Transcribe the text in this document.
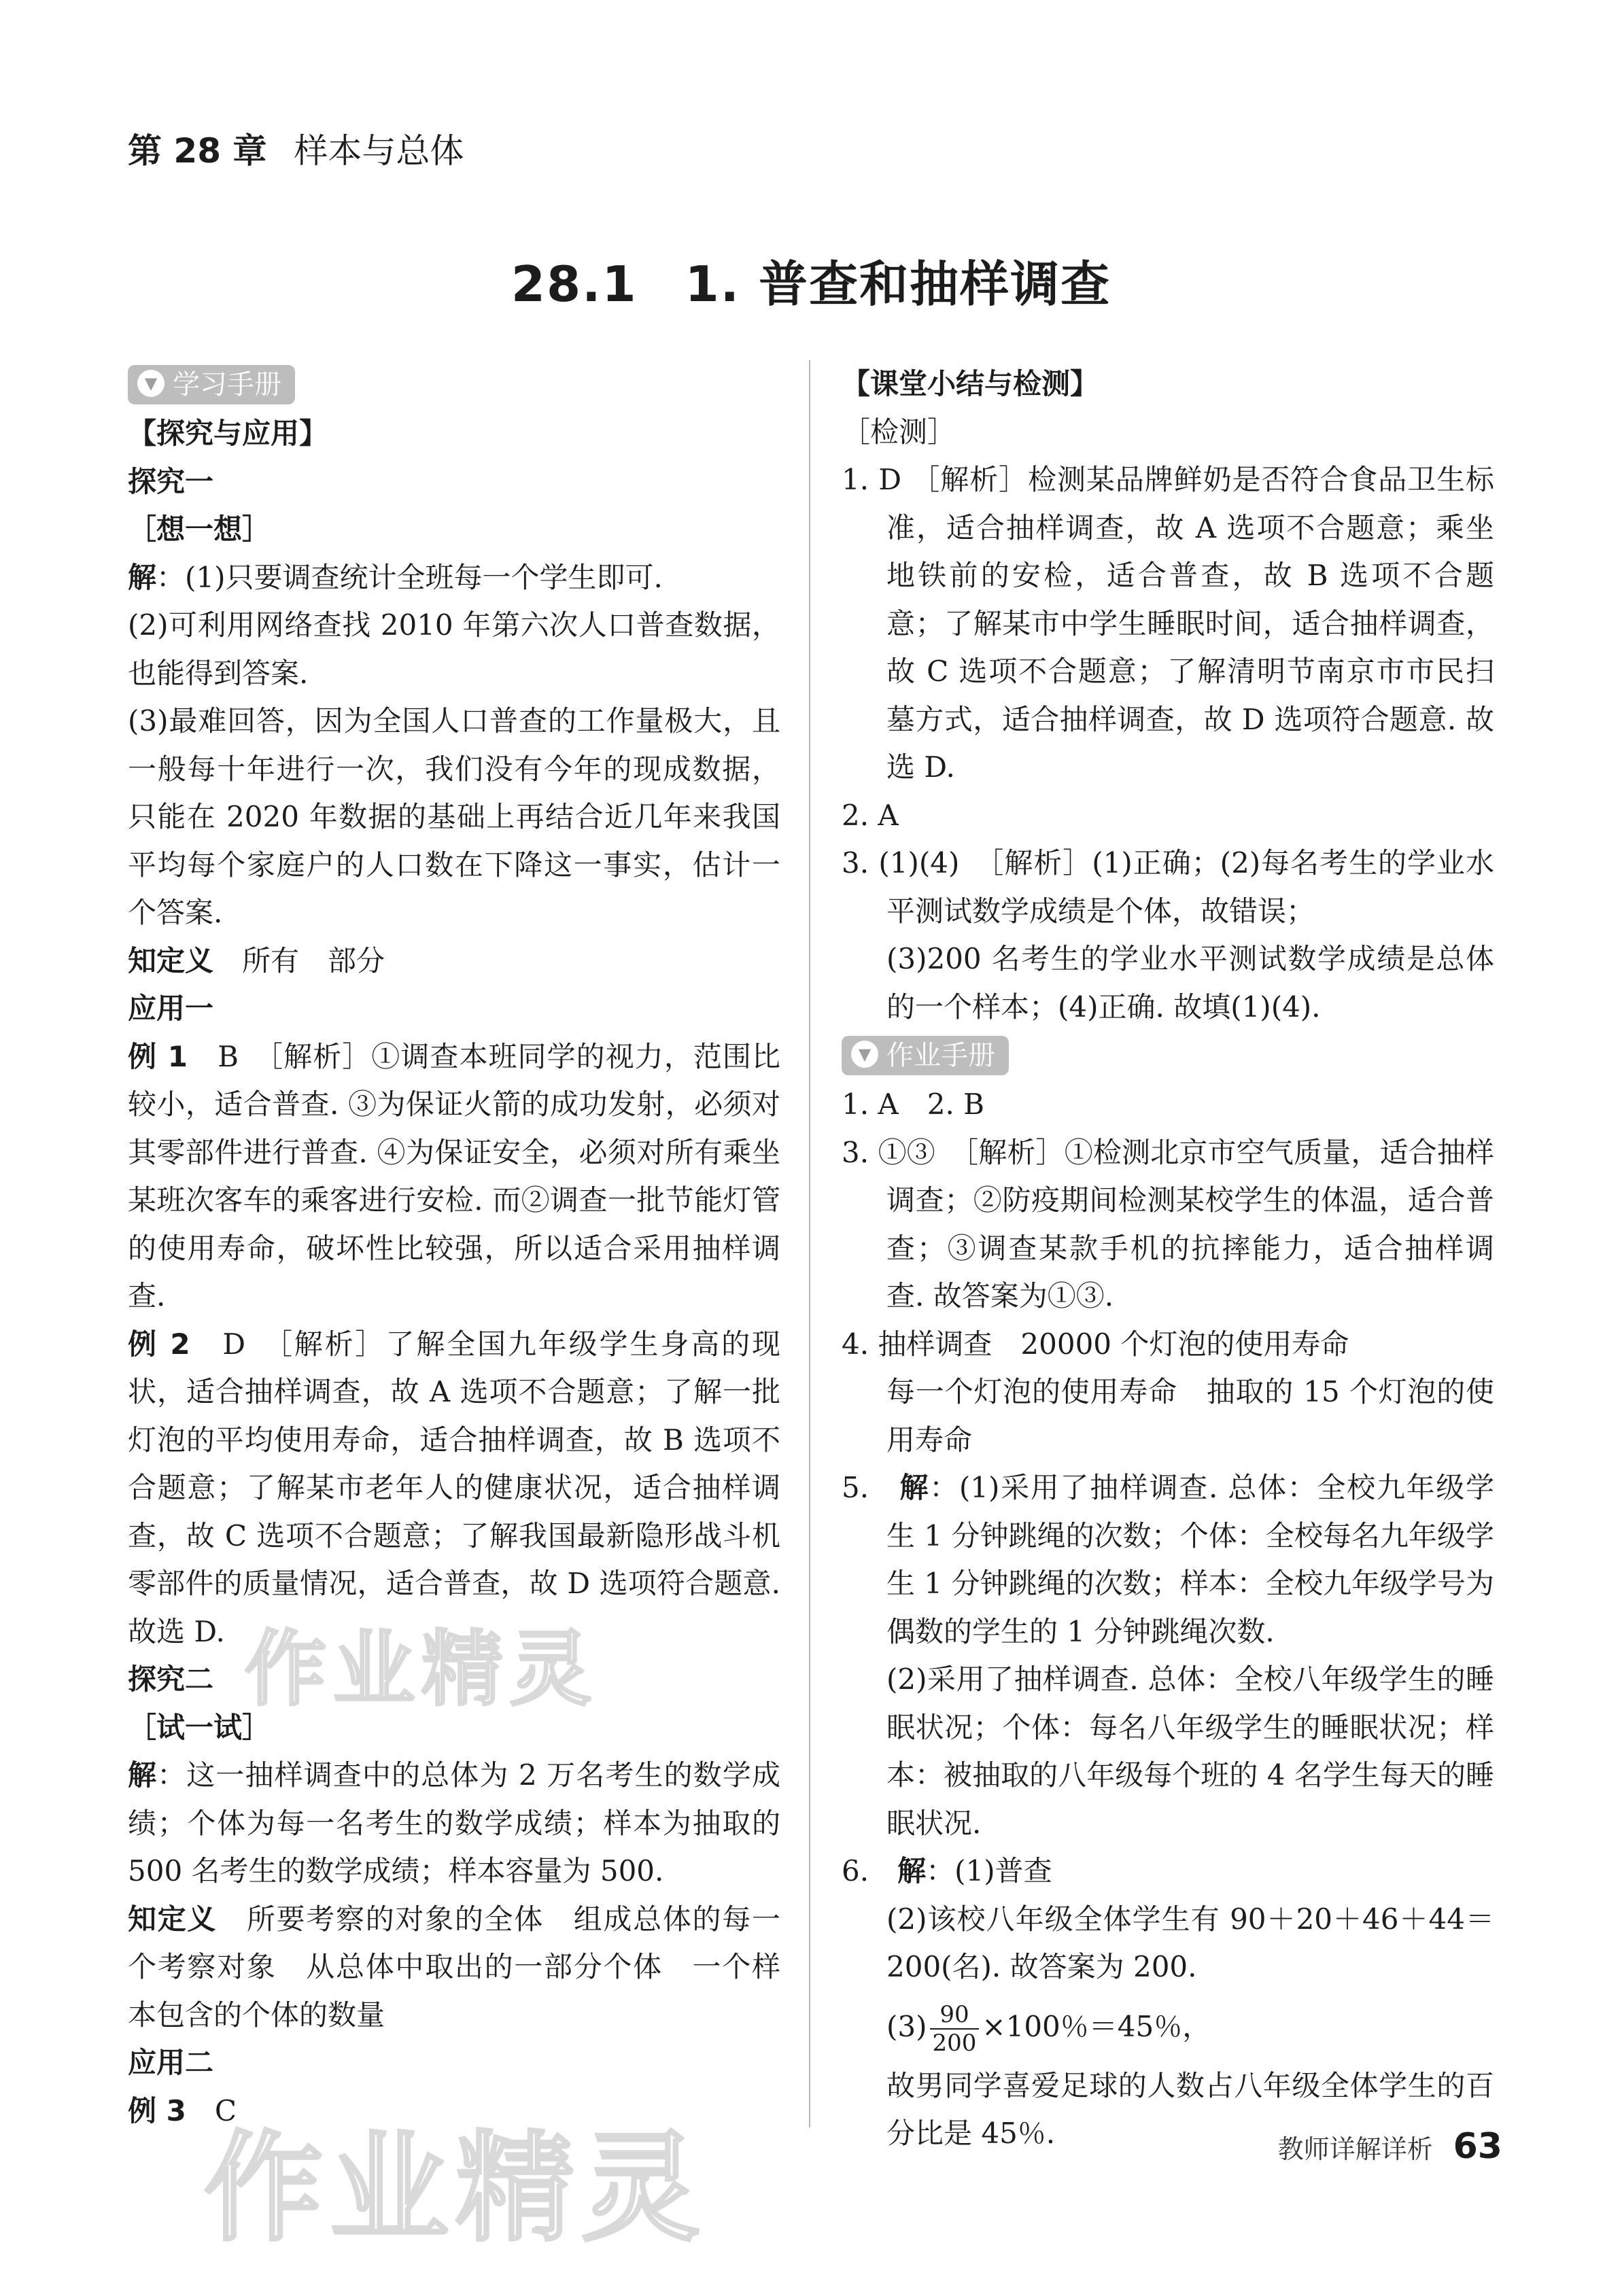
第 28 章 样本与总体
28.1 1. 普查和抽样调查
▼ 学习手册

【探究与应用】

探究一

［想一想］

解：(1)只要调查统计全班每一个学生即可.

(2)可利用网络查找 2010 年第六次人口普查数据，也能得到答案.

(3)最难回答，因为全国人口普查的工作量极大，且一般每十年进行一次，我们没有今年的现成数据，只能在 2020 年数据的基础上再结合近几年来我国平均每个家庭户的人口数在下降这一事实，估计一个答案.

知定义　所有　部分

应用一

例 1　B　［解析］①调查本班同学的视力，范围比较小，适合普查. ③为保证火箭的成功发射，必须对其零部件进行普查. ④为保证安全，必须对所有乘坐某班次客车的乘客进行安检. 而②调查一批节能灯管的使用寿命，破坏性比较强，所以适合采用抽样调查.

例 2　D　［解析］了解全国九年级学生身高的现状，适合抽样调查，故 A 选项不合题意；了解一批灯泡的平均使用寿命，适合抽样调查，故 B 选项不合题意；了解某市老年人的健康状况，适合抽样调查，故 C 选项不合题意；了解我国最新隐形战斗机零部件的质量情况，适合普查，故 D 选项符合题意. 故选 D.

探究二

［试一试］

解：这一抽样调查中的总体为 2 万名考生的数学成绩；个体为每一名考生的数学成绩；样本为抽取的 500 名考生的数学成绩；样本容量为 500.

知定义　所要考察的对象的全体　组成总体的每一个考察对象　从总体中取出的一部分个体　一个样本包含的个体的数量

应用二

例 3　C

【课堂小结与检测】

［检测］

1. D ［解析］检测某品牌鲜奶是否符合食品卫生标准，适合抽样调查，故 A 选项不合题意；乘坐地铁前的安检，适合普查，故 B 选项不合题意；了解某市中学生睡眠时间，适合抽样调查，故 C 选项不合题意；了解清明节南京市市民扫墓方式，适合抽样调查，故 D 选项符合题意. 故选 D.

2. A

3. (1)(4)　［解析］(1)正确；(2)每名考生的学业水平测试数学成绩是个体，故错误；

(3)200 名考生的学业水平测试数学成绩是总体的一个样本；(4)正确. 故填(1)(4).

▼ 作业手册

1. A　2. B

3. ①③　［解析］①检测北京市空气质量，适合抽样调查；②防疫期间检测某校学生的体温，适合普查；③调查某款手机的抗摔能力，适合抽样调查. 故答案为①③.

4. 抽样调查　20000 个灯泡的使用寿命

每一个灯泡的使用寿命　抽取的 15 个灯泡的使用寿命

5.　 解：(1)采用了抽样调查. 总体：全校九年级学生 1 分钟跳绳的次数；个体：全校每名九年级学生 1 分钟跳绳的次数；样本：全校九年级学号为偶数的学生的 1 分钟跳绳次数.

(2)采用了抽样调查. 总体：全校八年级学生的睡眠状况；个体：每名八年级学生的睡眠状况；样本：被抽取的八年级每个班的 4 名学生每天的睡眠状况.

6.　 解：(1)普查

(2)该校八年级全体学生有 90＋20＋46＋44＝200(名). 故答案为 200.

$(3) \frac{90}{200} \times 100$％＝45％，

故男同学喜爱足球的人数占八年级全体学生的百分比是 45％.

作业精灵
作业精灵	教师详解详析 63
